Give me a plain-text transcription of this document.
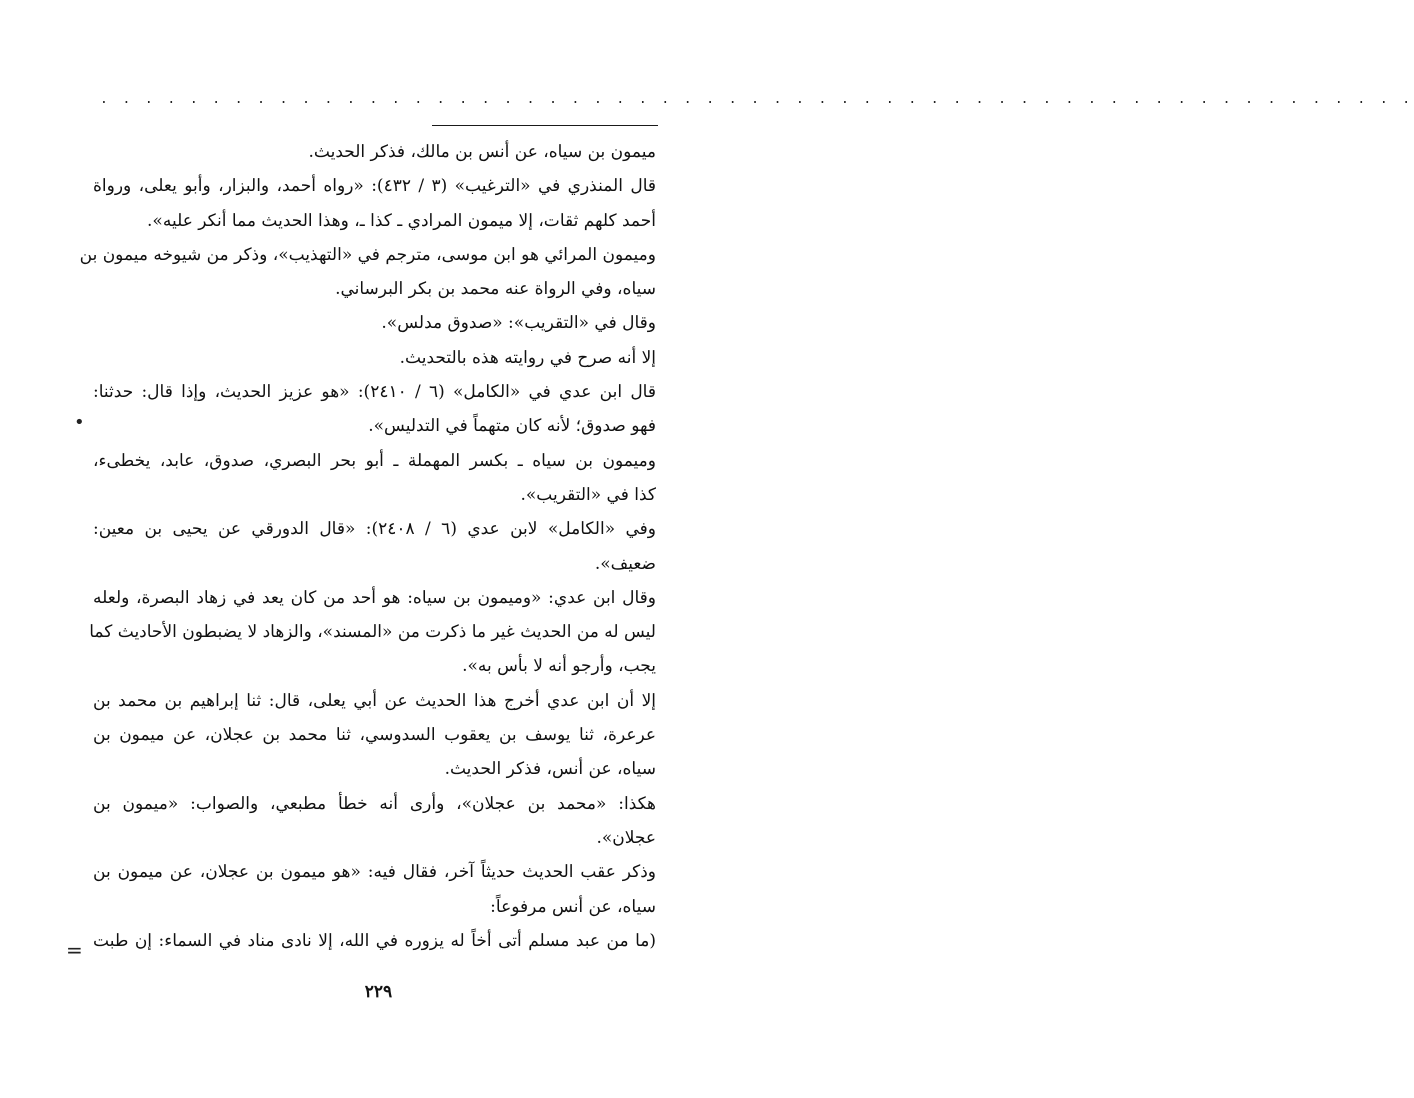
. . . . . . . . . . . . . . . . . . . . . . . . . . . . . . . . . . . . . . . . . . . . . . . . . . . . . . . . . . .
ميمون بن سياه، عن أنس بن مالك، فذكر الحديث.
قال المنذري في «الترغيب» (٣ / ٤٣٢): «رواه أحمد، والبزار، وأبو يعلى، ورواة
أحمد كلهم ثقات، إلا ميمون المرادي ـ كذا ـ، وهذا الحديث مما أنكر عليه».
وميمون المرائي هو ابن موسى، مترجم في «التهذيب»، وذكر من شيوخه ميمون بن
سياه، وفي الرواة عنه محمد بن بكر البرساني.
وقال في «التقريب»: «صدوق مدلس».
إلا أنه صرح في روايته هذه بالتحديث.
قال ابن عدي في «الكامل» (٦ / ٢٤١٠): «هو عزيز الحديث، وإذا قال: حدثنا:
فهو صدوق؛ لأنه كان متهماً في التدليس».
وميمون بن سياه ـ بكسر المهملة ـ أبو بحر البصري، صدوق، عابد، يخطىء،
كذا في «التقريب».
وفي «الكامل» لابن عدي (٦ / ٢٤٠٨): «قال الدورقي عن يحيى بن معين:
ضعيف».
وقال ابن عدي: «وميمون بن سياه: هو أحد من كان يعد في زهاد البصرة، ولعله
ليس له من الحديث غير ما ذكرت من «المسند»، والزهاد لا يضبطون الأحاديث كما
يجب، وأرجو أنه لا بأس به».
إلا أن ابن عدي أخرج هذا الحديث عن أبي يعلى، قال: ثنا إبراهيم بن محمد بن
عرعرة، ثنا يوسف بن يعقوب السدوسي، ثنا محمد بن عجلان، عن ميمون بن
سياه، عن أنس، فذكر الحديث.
هكذا: «محمد بن عجلان»، وأرى أنه خطأ مطبعي، والصواب: «ميمون بن
عجلان».
وذكر عقب الحديث حديثاً آخر، فقال فيه: «هو ميمون بن عجلان، عن ميمون بن
سياه، عن أنس مرفوعاً:
(ما من عبد مسلم أتى أخاً له يزوره في الله، إلا نادى مناد في السماء: إن طبت
•
=
٢٢٩
